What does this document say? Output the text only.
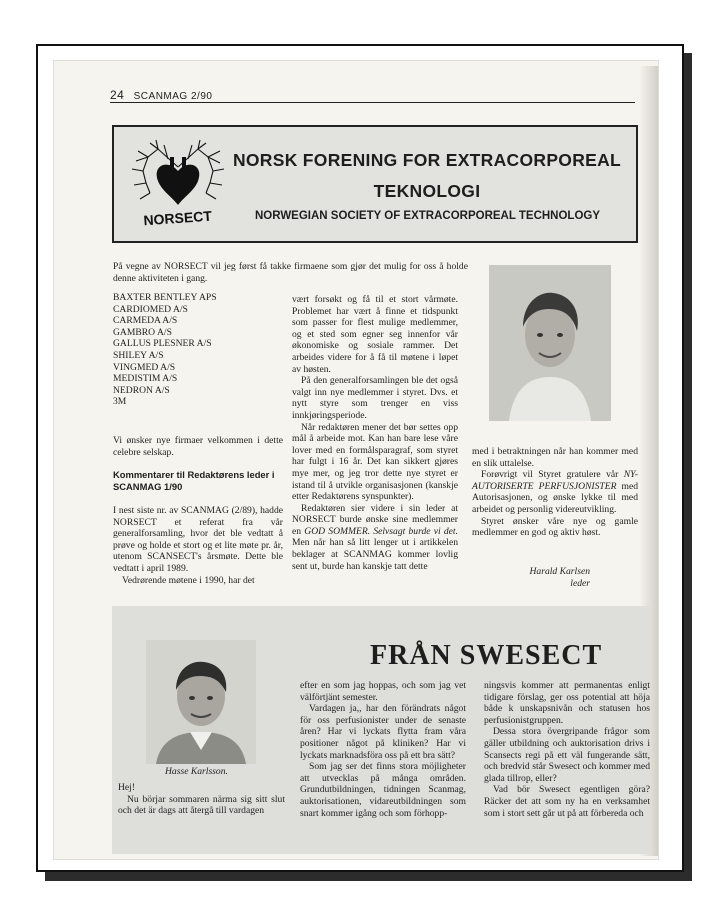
24 SCANMAG 2/90
NORSECT
NORSK FORENING FOR EXTRACORPOREAL
TEKNOLOGI
NORWEGIAN SOCIETY OF EXTRACORPOREAL TECHNOLOGY

På vegne av NORSECT vil jeg først få takke firmaene som gjør det mulig for oss å holde denne aktiviteten i gang.

BAXTER BENTLEY APS
CARDIOMED A/S
CARMEDA A/S
GAMBRO A/S
GALLUS PLESNER A/S
SHILEY A/S
VINGMED A/S
MEDISTIM A/S
NEDRON A/S
3M

Vi ønsker nye firmaer velkommen i dette celebre selskap.

Kommentarer til Redaktørens leder i SCANMAG 1/90

I nest siste nr. av SCANMAG (2/89), hadde NORSECT et referat fra vår generalforsamling, hvor det ble vedtatt å prøve og holde et stort og et lite møte pr. år, utenom SCANSECT's årsmøte. Dette ble vedtatt i april 1989.

Vedrørende møtene i 1990, har det

vært forsøkt og få til et stort vårmøte. Problemet har vært å finne et tidspunkt som passer for flest mulige medlemmer, og et sted som egner seg innenfor vår økonomiske og sosiale rammer. Det arbeides videre for å få til møtene i løpet av høsten.

På den generalforsamlingen ble det også valgt inn nye medlemmer i styret. Dvs. et nytt styre som trenger en viss innkjøringsperiode.

Når redaktøren mener det bør settes opp mål å arbeide mot. Kan han bare lese våre lover med en formålsparagraf, som styret har fulgt i 16 år. Det kan sikkert gjøres mye mer, og jeg tror dette nye styret er istand til å utvikle organisasjonen (kanskje etter Redaktørens synspunkter).

Redaktøren sier videre i sin leder at NORSECT burde ønske sine medlemmer en GOD SOMMER. Selvsagt burde vi det. Men når han så litt lenger ut i artikkelen beklager at SCANMAG kommer lovlig sent ut, burde han kanskje tatt dette

med i betraktningen når han kommer med en slik uttalelse.

Forøvrigt vil Styret gratulere vår NY-AUTORISERTE PERFUSJONISTER med Autorisasjonen, og ønske lykke til med arbeidet og personlig videreutvikling.

Styret ønsker våre nye og gamle medlemmer en god og aktiv høst.

Harald Karlsen
leder
Hasse Karlsson.
FRÅN SWESECT

Hej!

Nu börjar sommaren närma sig sitt slut och det är dags att återgå till vardagen

efter en som jag hoppas, och som jag vet välförtjänt semester.

Vardagen ja,, har den förändrats något för oss perfusionister under de senaste åren? Har vi lyckats flytta fram våra positioner något på kliniken? Har vi lyckats marknadsföra oss på ett bra sätt?

Som jag ser det finns stora möjligheter att utvecklas på många områden. Grundutbildningen, tidningen Scanmag, auktorisationen, vidareutbildningen som snart kommer igång och som förhopp-

ningsvis kommer att permanentas enligt tidigare förslag, ger oss potential att höja både k unskapsnivån och statusen hos perfusionistgruppen.

Dessa stora övergripande frågor som gäller utbildning och auktorisation drivs i Scansects regi på ett väl fungerande sätt, och bredvid står Swesect och kommer med glada tillrop, eller?

Vad bör Swesect egentligen göra? Räcker det att som ny ha en verksamhet som i stort sett går ut på att förbereda och
